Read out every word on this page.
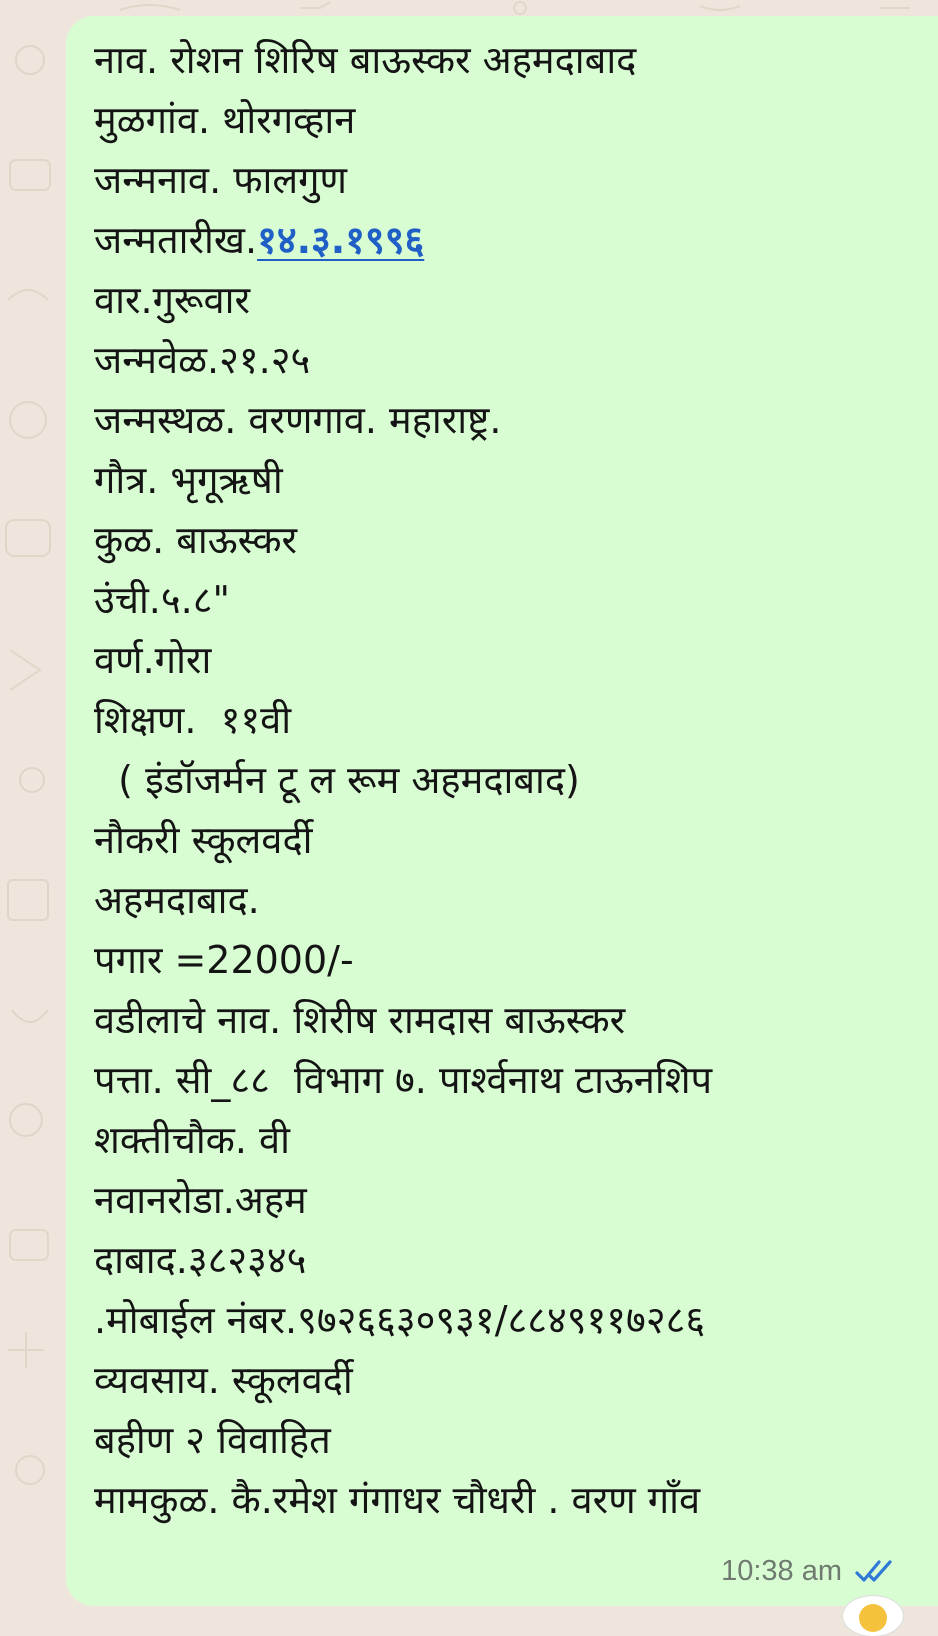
नाव. रोशन शिरिष बाऊस्कर अहमदाबाद
मुळगांव. थोरगव्हान
जन्मनाव. फालगुण
जन्मतारीख.१४.३.१९९६
वार.गुरूवार
जन्मवेळ.२१.२५
जन्मस्थळ. वरणगाव. महाराष्ट्र.
गौत्र. भृगूऋषी
कुळ. बाऊस्कर
उंची.५.८"
वर्ण.गोरा
शिक्षण.  ११वी
( इंडॉजर्मन टू ल रूम अहमदाबाद)
नौकरी स्कूलवर्दी
अहमदाबाद.
पगार =22000/-
वडीलाचे नाव. शिरीष रामदास बाऊस्कर
पत्ता. सी_८८  विभाग ७. पार्श्वनाथ टाऊनशिप
शक्तीचौक. वी
नवानरोडा.अहम
दाबाद.३८२३४५
.मोबाईल नंबर.९७२६६३०९३१/८८४९११७२८६
व्यवसाय. स्कूलवर्दी
बहीण २ विवाहित
मामकुळ. कै.रमेश गंगाधर चौधरी . वरण गाँव
10:38 am
